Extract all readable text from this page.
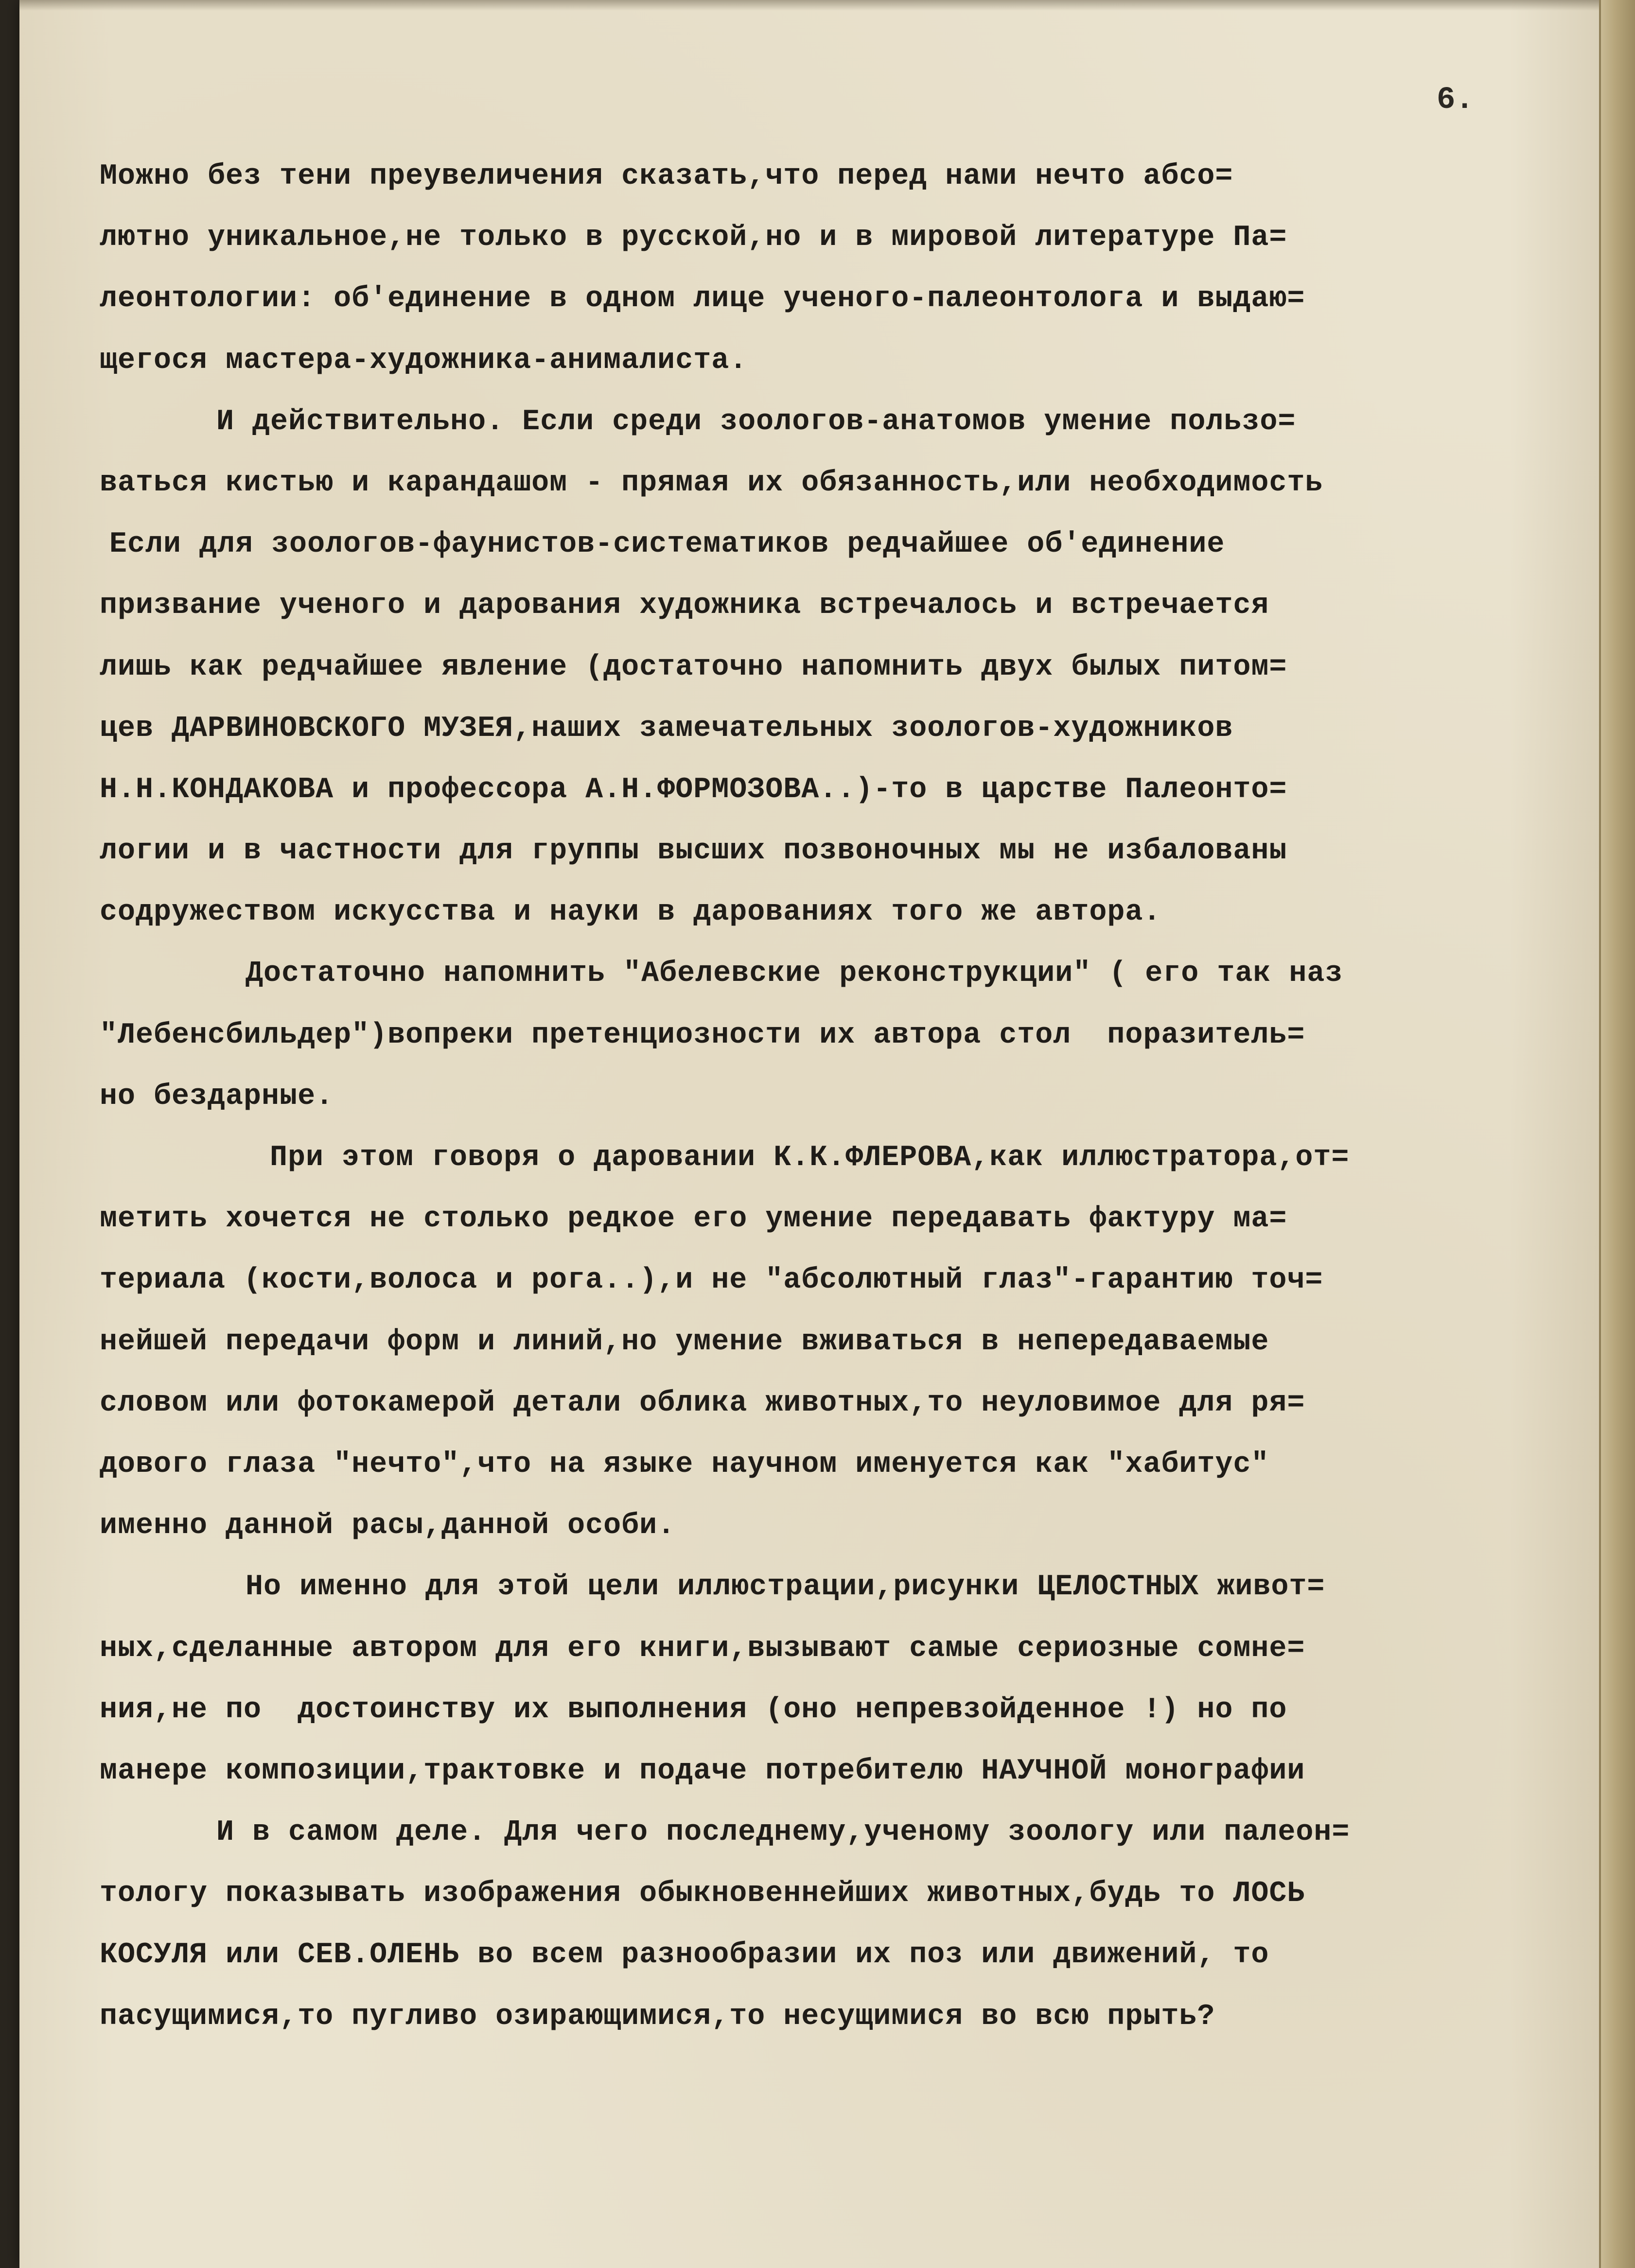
6.
Можно без тени преувеличения сказать,что перед нами нечто абсо=
лютно уникальное,не только в русской,но и в мировой литературе Па=
леонтологии: об'единение в одном лице ученого-палеонтолога и выдаю=
щегося мастера-художника-анималиста.
И действительно. Если среди зоологов-анатомов умение пользо=
ваться кистью и карандашом - прямая их обязанность,или необходимость
Если для зоологов-фаунистов-систематиков редчайшее об'единение
призвание ученого и дарования художника встречалось и встречается
лишь как редчайшее явление (достаточно напомнить двух былых питом=
цев ДАРВИНОВСКОГО МУЗЕЯ,наших замечательных зоологов-художников
Н.Н.КОНДАКОВА и профессора А.Н.ФОРМОЗОВА..)-то в царстве Палеонто=
логии и в частности для группы высших позвоночных мы не избалованы
содружеством искусства и науки в дарованиях того же автора.
Достаточно напомнить "Абелевские реконструкции" ( его так наз
"Лебенсбильдер")вопреки претенциозности их автора стол  поразитель=
но бездарные.
При этом говоря о даровании К.К.ФЛЕРОВА,как иллюстратора,от=
метить хочется не столько редкое его умение передавать фактуру ма=
териала (кости,волоса и рога..),и не "абсолютный глаз"-гарантию точ=
нейшей передачи форм и линий,но умение вживаться в непередаваемые
словом или фотокамерой детали облика животных,то неуловимое для ря=
дового глаза "нечто",что на языке научном именуется как "хабитус"
именно данной расы,данной особи.
Но именно для этой цели иллюстрации,рисунки ЦЕЛОСТНЫХ живот=
ных,сделанные автором для его книги,вызывают самые сериозные сомне=
ния,не по  достоинству их выполнения (оно непревзойденное !) но по
манере композиции,трактовке и подаче потребителю НАУЧНОЙ монографии
И в самом деле. Для чего последнему,ученому зоологу или палеон=
тологу показывать изображения обыкновеннейших животных,будь то ЛОСЬ
КОСУЛЯ или СЕВ.ОЛЕНЬ во всем разнообразии их поз или движений, то
пасущимися,то пугливо озирающимися,то несущимися во всю прыть?
